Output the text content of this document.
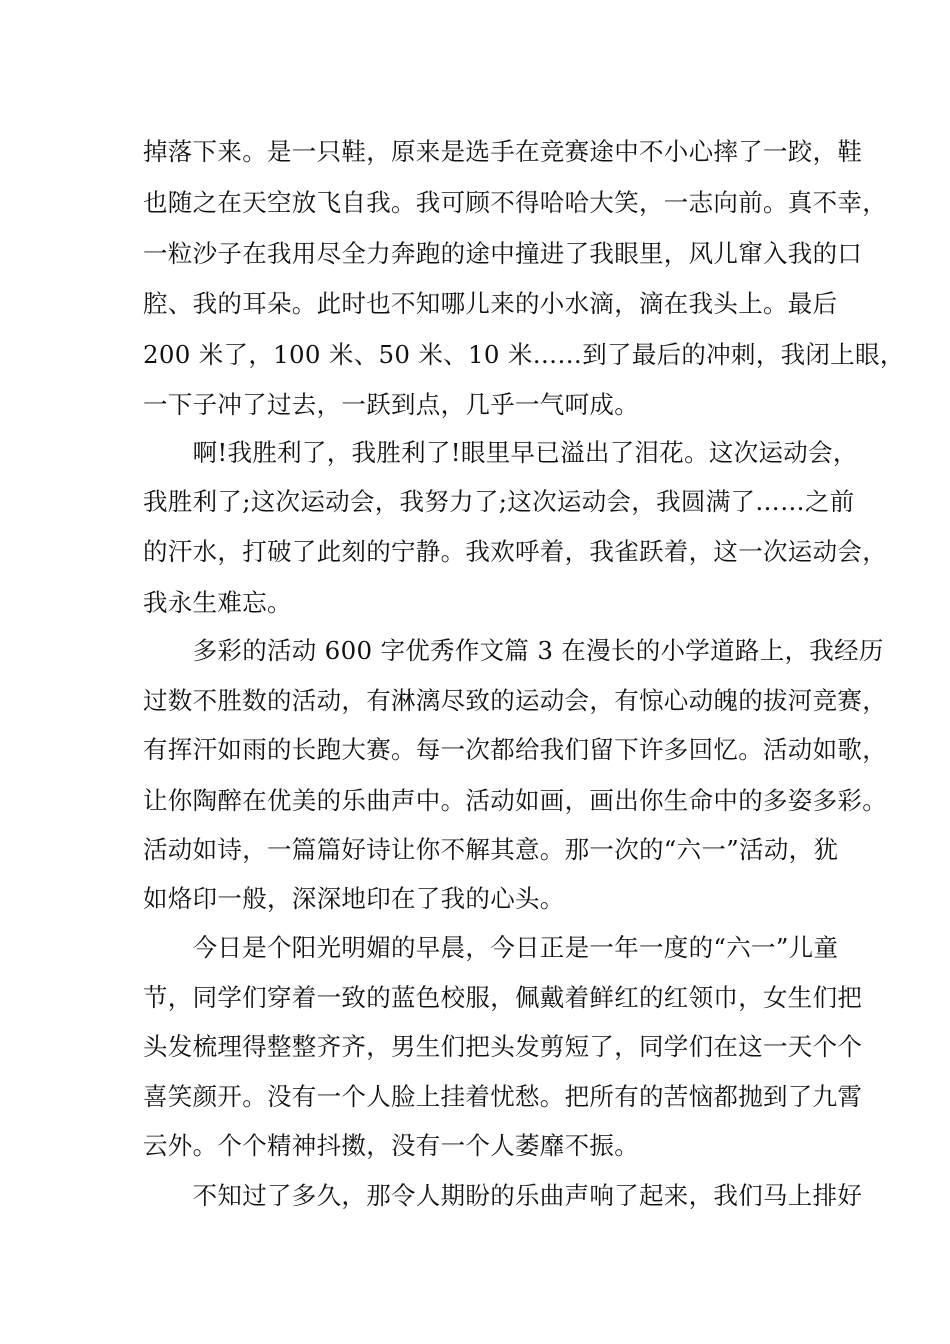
掉落下来。是一只鞋，原来是选手在竞赛途中不小心摔了一跤，鞋
也随之在天空放飞自我。我可顾不得哈哈大笑，一志向前。真不幸，
一粒沙子在我用尽全力奔跑的途中撞进了我眼里，风儿窜入我的口
腔、我的耳朵。此时也不知哪儿来的小水滴，滴在我头上。最后
200 米了，100 米、50 米、10 米……到了最后的冲刺，我闭上眼，
一下子冲了过去，一跃到点，几乎一气呵成。
　　啊!我胜利了，我胜利了!眼里早已溢出了泪花。这次运动会，
我胜利了;这次运动会，我努力了;这次运动会，我圆满了……之前
的汗水，打破了此刻的宁静。我欢呼着，我雀跃着，这一次运动会，
我永生难忘。
　　多彩的活动 600 字优秀作文篇 3 在漫长的小学道路上，我经历
过数不胜数的活动，有淋漓尽致的运动会，有惊心动魄的拔河竞赛，
有挥汗如雨的长跑大赛。每一次都给我们留下许多回忆。活动如歌，
让你陶醉在优美的乐曲声中。活动如画，画出你生命中的多姿多彩。
活动如诗，一篇篇好诗让你不解其意。那一次的“六一”活动，犹
如烙印一般，深深地印在了我的心头。
　　今日是个阳光明媚的早晨，今日正是一年一度的“六一”儿童
节，同学们穿着一致的蓝色校服，佩戴着鲜红的红领巾，女生们把
头发梳理得整整齐齐，男生们把头发剪短了，同学们在这一天个个
喜笑颜开。没有一个人脸上挂着忧愁。把所有的苦恼都抛到了九霄
云外。个个精神抖擞，没有一个人萎靡不振。
　　不知过了多久，那令人期盼的乐曲声响了起来，我们马上排好
